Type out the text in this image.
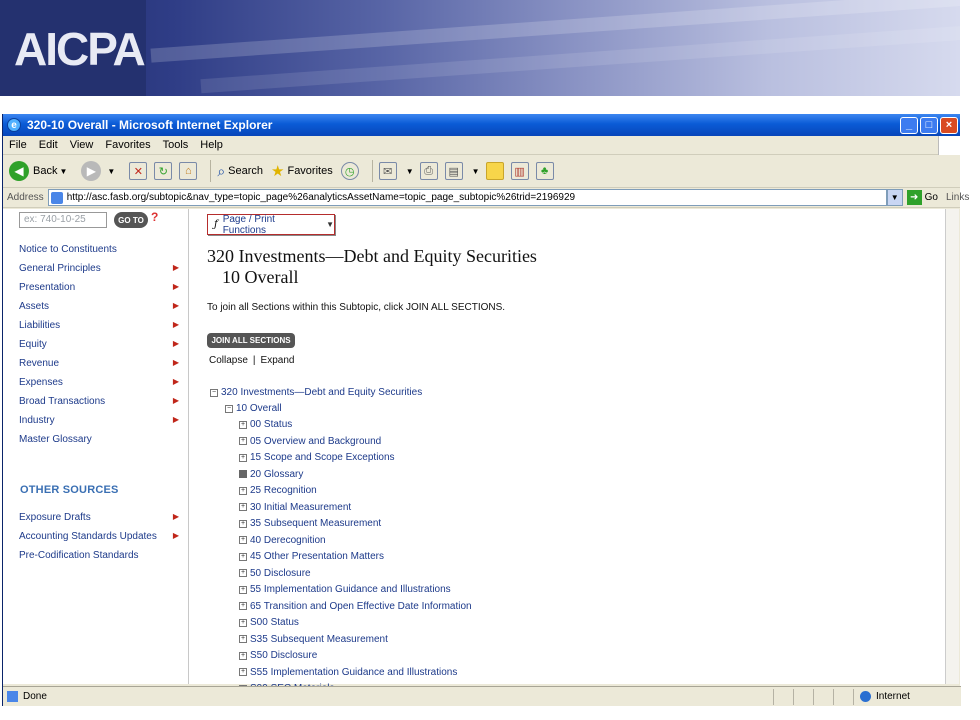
AICPA
e 320-10 Overall - Microsoft Internet Explorer	_	□	×
File Edit View Favorites Tools Help
◀ Back ▼	▶	▼	✕	↻	⌂	⌕ Search ★ Favorites	◷	✉	▼ ⎙	▤	▼	▥	♣
Address http://asc.fasb.org/subtopic&nav_type=topic_page%26analyticsAssetName=topic_page_subtopic%26trid=2196929	▼	➜ Go Links
ex: 740-10-25	GO TO ?
Notice to Constituents
General Principles	▶
Presentation	▶
Assets	▶
Liabilities	▶
Equity	▶
Revenue	▶
Expenses	▶
Broad Transactions	▶
Industry	▶
Master Glossary
OTHER SOURCES
Exposure Drafts	▶
Accounting Standards Updates ▶
Pre-Codification Standards
ƒ Page / Print Functions	▼
320 Investments—Debt and Equity Securities
10 Overall
To join all Sections within this Subtopic, click JOIN ALL SECTIONS.
JOIN ALL SECTIONS
Collapse | Expand
− 320 Investments—Debt and Equity Securities
− 10 Overall
+ 00 Status
+ 05 Overview and Background
+ 15 Scope and Scope Exceptions
20 Glossary
+ 25 Recognition
+ 30 Initial Measurement
+ 35 Subsequent Measurement
+ 40 Derecognition
+ 45 Other Presentation Matters
+ 50 Disclosure
+ 55 Implementation Guidance and Illustrations
+ 65 Transition and Open Effective Date Information
+ S00 Status
+ S35 Subsequent Measurement
+ S50 Disclosure
+ S55 Implementation Guidance and Illustrations
Done	Internet
